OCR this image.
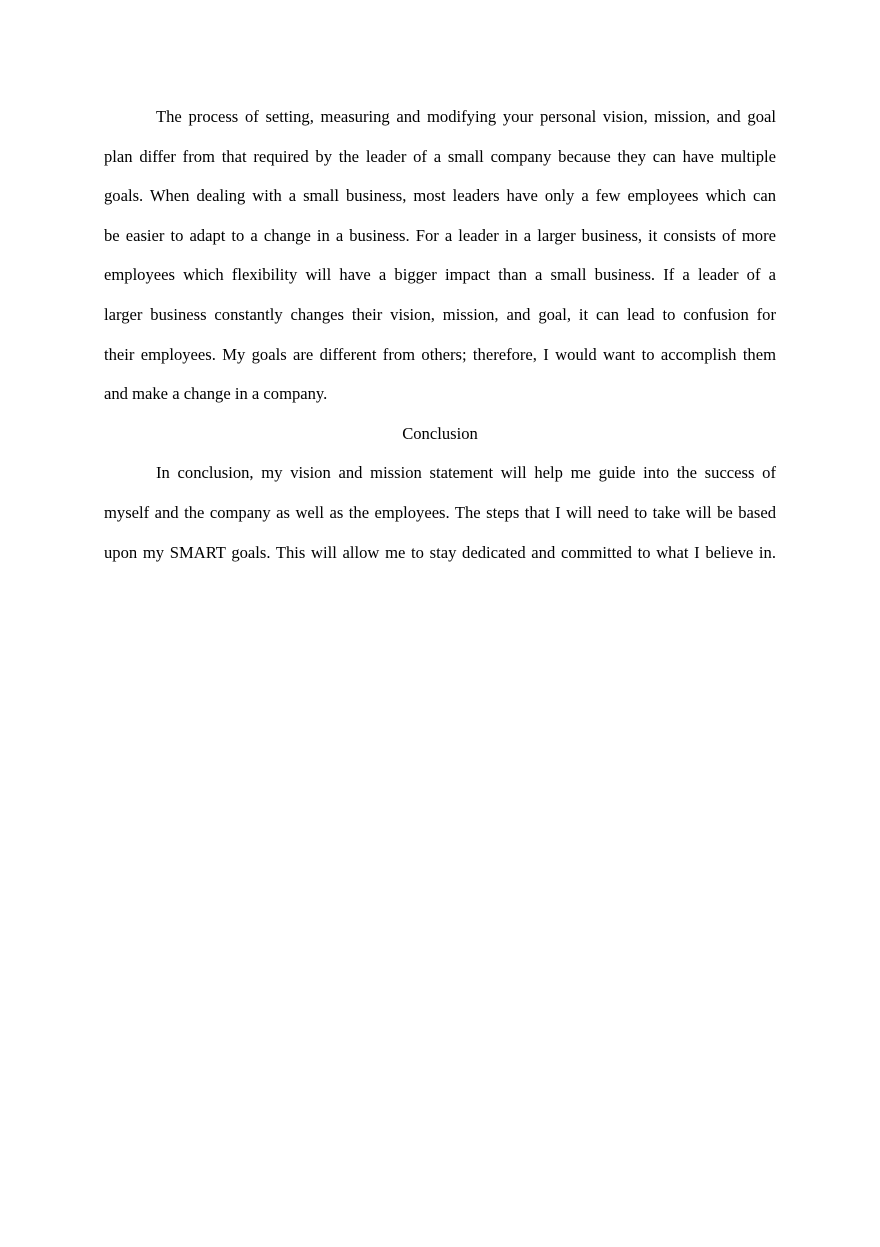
The process of setting, measuring and modifying your personal vision, mission, and goal
plan differ from that required by the leader of a small company because they can have multiple
goals. When dealing with a small business, most leaders have only a few employees which can
be easier to adapt to a change in a business. For a leader in a larger business, it consists of more
employees which flexibility will have a bigger impact than a small business. If a leader of a
larger business constantly changes their vision, mission, and goal, it can lead to confusion for
their employees. My goals are different from others; therefore, I would want to accomplish them
and make a change in a company.
Conclusion
In conclusion, my vision and mission statement will help me guide into the success of
myself and the company as well as the employees. The steps that I will need to take will be based
upon my SMART goals. This will allow me to stay dedicated and committed to what I believe in.
